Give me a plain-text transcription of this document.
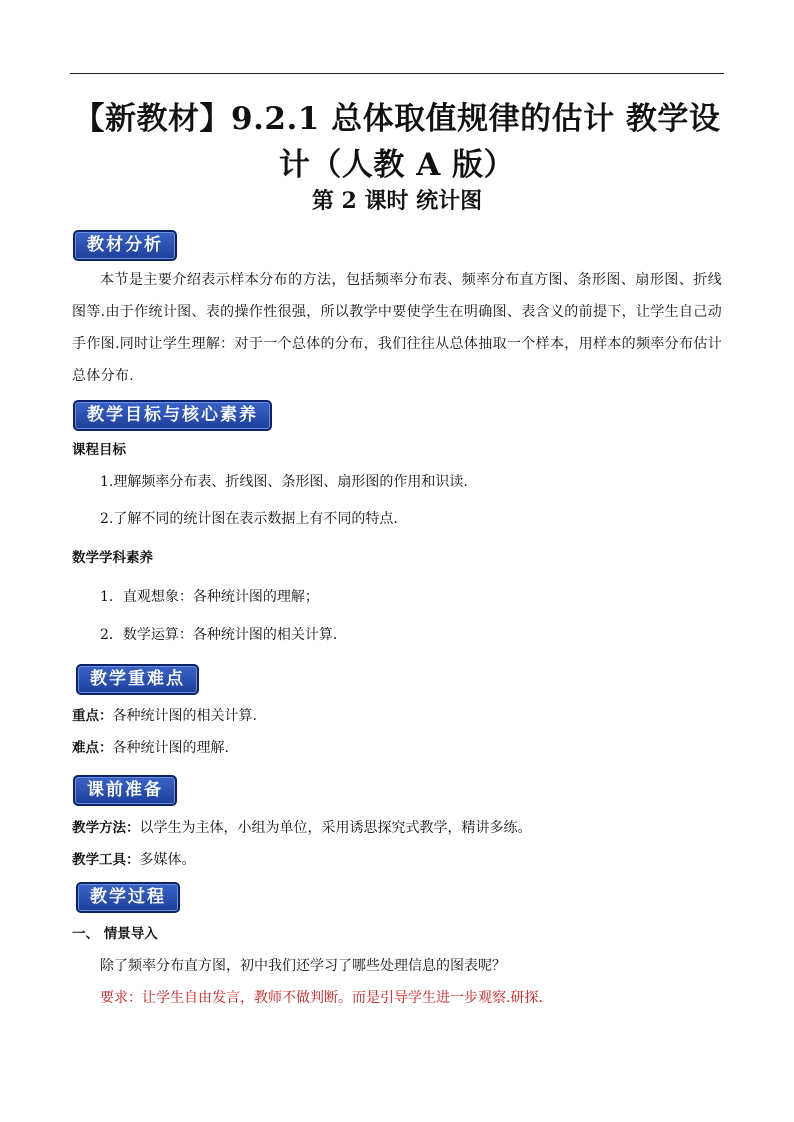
【新教材】9.2.1 总体取值规律的估计 教学设计（人教 A 版）
第 2 课时 统计图
教材分析
本节是主要介绍表示样本分布的方法，包括频率分布表、频率分布直方图、条形图、扇形图、折线图等.由于作统计图、表的操作性很强，所以教学中要使学生在明确图、表含义的前提下，让学生自己动手作图.同时让学生理解：对于一个总体的分布，我们往往从总体抽取一个样本，用样本的频率分布估计总体分布.
教学目标与核心素养
课程目标
1.理解频率分布表、折线图、条形图、扇形图的作用和识读.
2.了解不同的统计图在表示数据上有不同的特点.
数学学科素养
1．直观想象：各种统计图的理解；
2．数学运算：各种统计图的相关计算.
教学重难点
重点：各种统计图的相关计算.
难点：各种统计图的理解.
课前准备
教学方法：以学生为主体，小组为单位，采用诱思探究式教学，精讲多练。
教学工具：多媒体。
教学过程
一、 情景导入
除了频率分布直方图，初中我们还学习了哪些处理信息的图表呢？
要求：让学生自由发言，教师不做判断。而是引导学生进一步观察.研探.
